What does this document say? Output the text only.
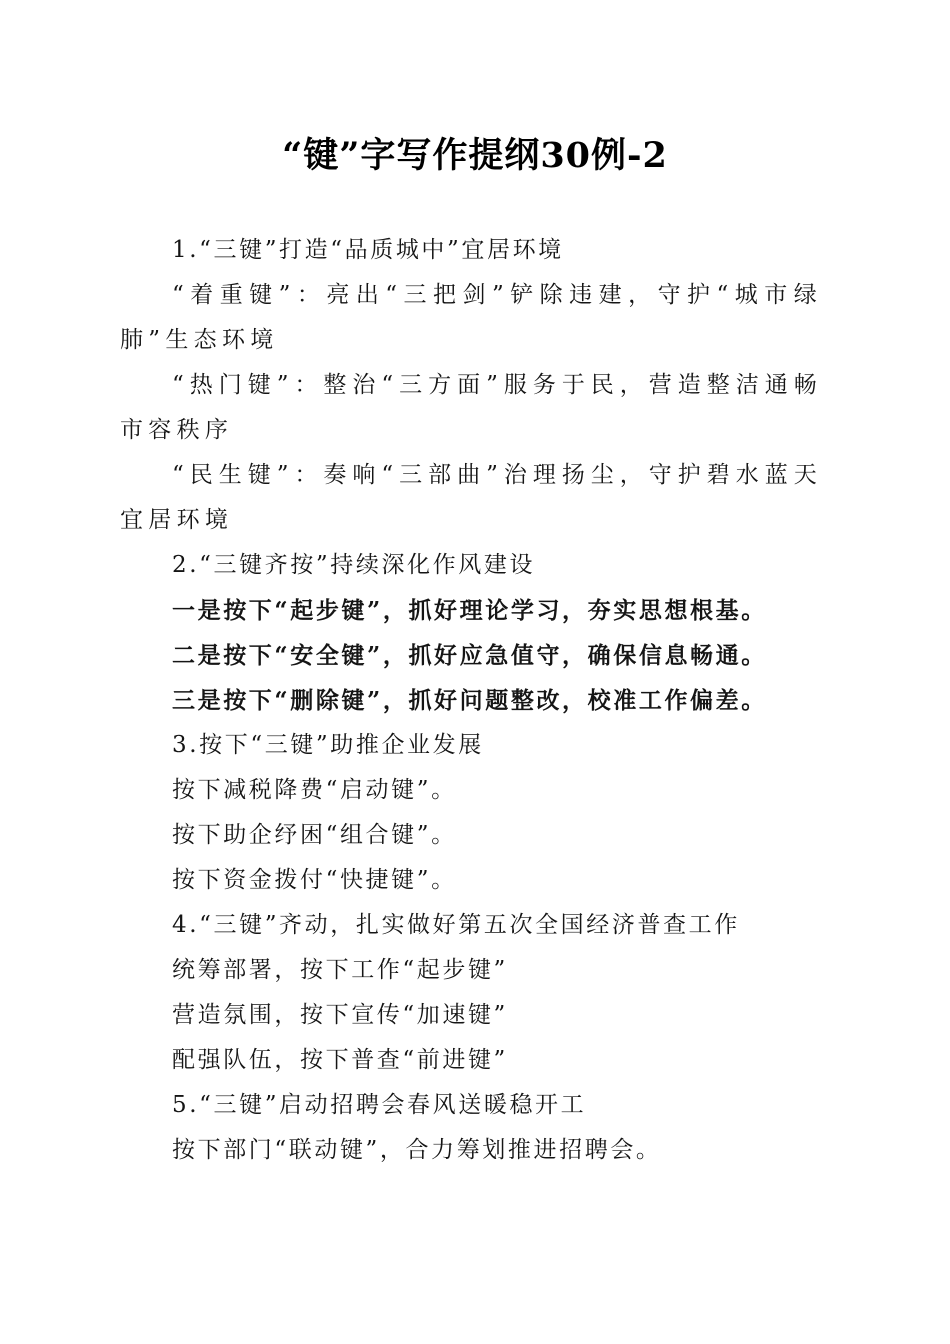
“键”字写作提纲30例-2

1.“三键”打造“品质城中”宜居环境

“着重键”：亮出“三把剑”铲除违建，守护“城市绿肺”生态环境

“热门键”：整治“三方面”服务于民，营造整洁通畅市容秩序

“民生键”：奏响“三部曲”治理扬尘，守护碧水蓝天宜居环境

2.“三键齐按”持续深化作风建设

一是按下“起步键”，抓好理论学习，夯实思想根基。

二是按下“安全键”，抓好应急值守，确保信息畅通。

三是按下“删除键”，抓好问题整改，校准工作偏差。

3.按下“三键”助推企业发展

按下减税降费“启动键”。

按下助企纾困“组合键”。

按下资金拨付“快捷键”。

4.“三键”齐动，扎实做好第五次全国经济普查工作

统筹部署，按下工作“起步键”

营造氛围，按下宣传“加速键”

配强队伍，按下普查“前进键”

5.“三键”启动招聘会春风送暖稳开工

按下部门“联动键”，合力筹划推进招聘会。
